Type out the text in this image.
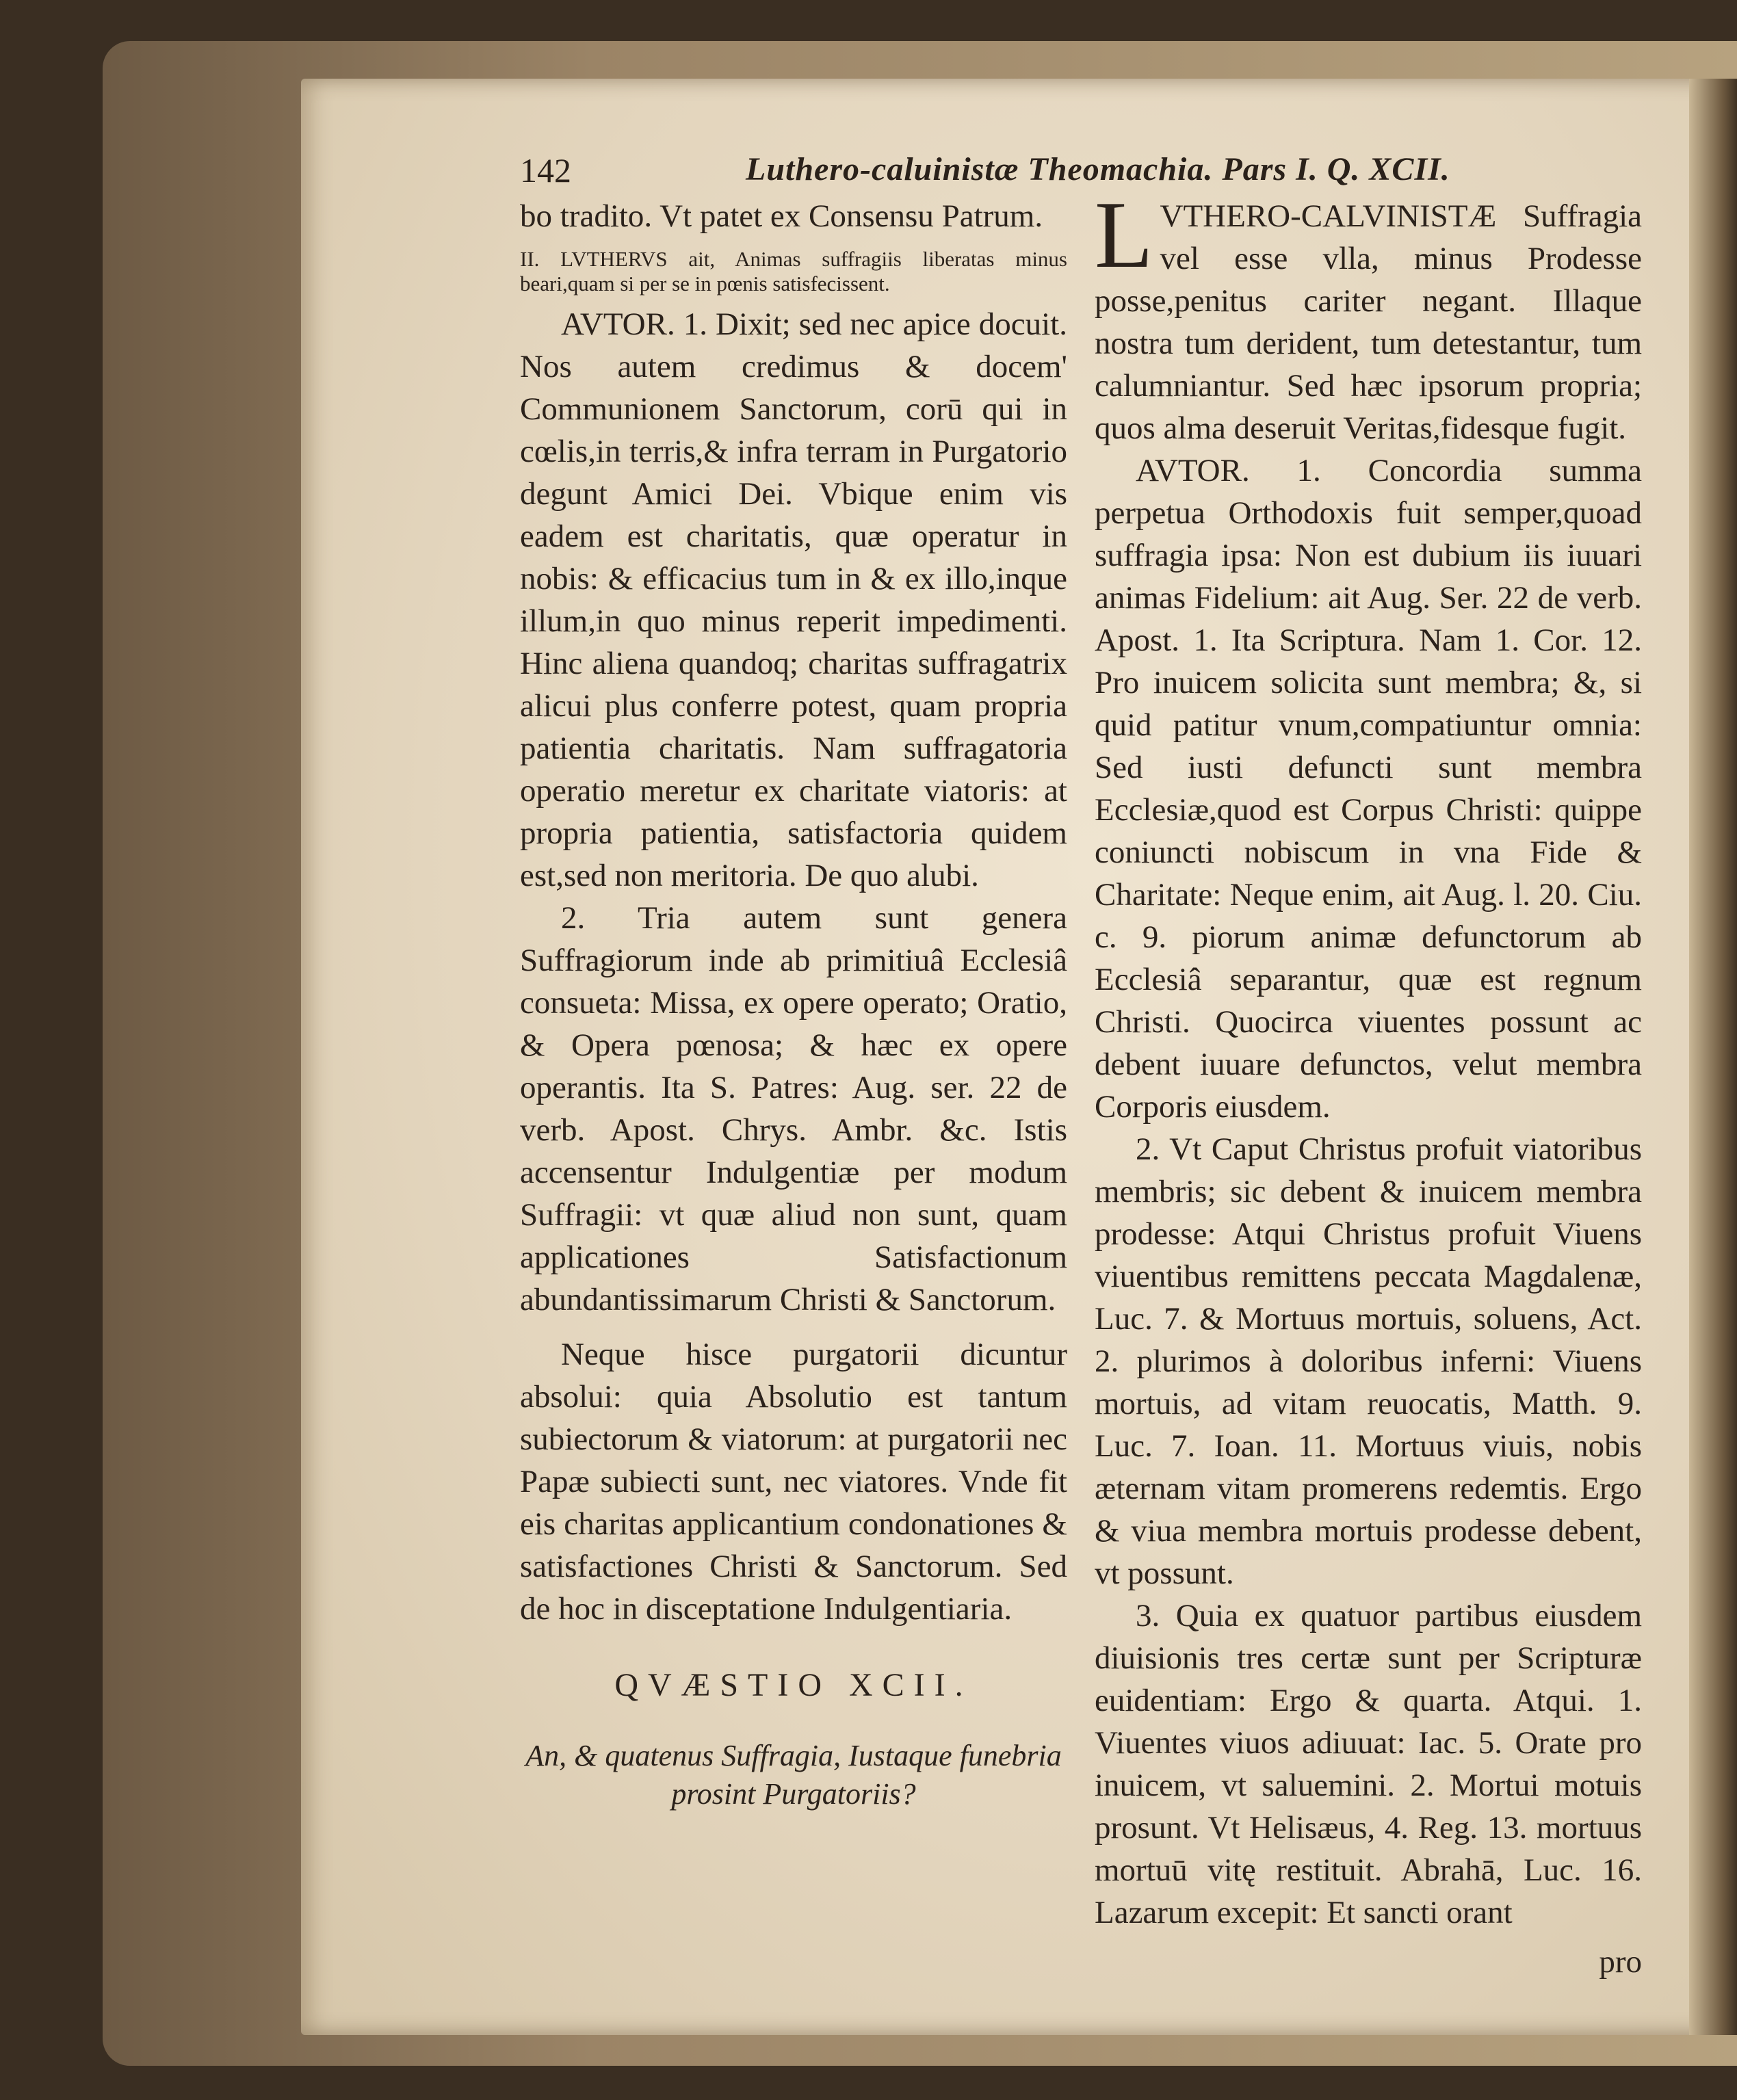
142	Luthero-caluinistæ Theomachia. Pars I. Q. XCII.

bo tradito. Vt patet ex Consensu Patrum.

II. LVTHERVS ait, Animas suffragiis liberatas minus beari,quam si per se in pœnis satisfecissent.

AVTOR. 1. Dixit; sed nec apice docuit. Nos autem credimus & docem' Communionem Sanctorum, corū qui in cœlis,in terris,& infra terram in Purgatorio degunt Amici Dei. Vbique enim vis eadem est charitatis, quæ operatur in nobis: & efficacius tum in & ex illo,inque illum,in quo minus reperit impedimenti. Hinc aliena quandoq; charitas suffragatrix alicui plus conferre potest, quam propria patientia charitatis. Nam suffragatoria operatio meretur ex charitate viatoris: at propria patientia, satisfactoria quidem est,sed non meritoria. De quo alubi.

2. Tria autem sunt genera Suffragiorum inde ab primitiuâ Ecclesiâ consueta: Missa, ex opere operato; Oratio, & Opera pœnosa; & hæc ex opere operantis. Ita S. Patres: Aug. ser. 22 de verb. Apost. Chrys. Ambr. &c. Istis accensentur Indulgentiæ per modum Suffragii: vt quæ aliud non sunt, quam applicationes Satisfactionum abundantissimarum Christi & Sanctorum.

Neque hisce purgatorii dicuntur absolui: quia Absolutio est tantum subiectorum & viatorum: at purgatorii nec Papæ subiecti sunt, nec viatores. Vnde fit eis charitas applicantium condonationes & satisfactiones Christi & Sanctorum. Sed de hoc in disceptatione Indulgentiaria.

QVÆSTIO XCII.

An, & quatenus Suffragia, Iustaque funebria prosint Purgatoriis?

L VTHERO-CALVINISTÆ Suffragia vel esse vlla, minus Prodesse posse,penitus cariter negant. Illaque nostra tum derident, tum detestantur, tum calumniantur. Sed hæc ipsorum propria; quos alma deseruit Veritas,fidesque fugit.

AVTOR. 1. Concordia summa perpetua Orthodoxis fuit semper,quoad suffragia ipsa: Non est dubium iis iuuari animas Fidelium: ait Aug. Ser. 22 de verb. Apost. 1. Ita Scriptura. Nam 1. Cor. 12. Pro inuicem solicita sunt membra; &, si quid patitur vnum,compatiuntur omnia: Sed iusti defuncti sunt membra Ecclesiæ,quod est Corpus Christi: quippe coniuncti nobiscum in vna Fide & Charitate: Neque enim, ait Aug. l. 20. Ciu. c. 9. piorum animæ defunctorum ab Ecclesiâ separantur, quæ est regnum Christi. Quocirca viuentes possunt ac debent iuuare defunctos, velut membra Corporis eiusdem.

2. Vt Caput Christus profuit viatoribus membris; sic debent & inuicem membra prodesse: Atqui Christus profuit Viuens viuentibus remittens peccata Magdalenæ, Luc. 7. & Mortuus mortuis, soluens, Act. 2. plurimos à doloribus inferni: Viuens mortuis, ad vitam reuocatis, Matth. 9. Luc. 7. Ioan. 11. Mortuus viuis, nobis æternam vitam promerens redemtis. Ergo & viua membra mortuis prodesse debent, vt possunt.

3. Quia ex quatuor partibus eiusdem diuisionis tres certæ sunt per Scripturæ euidentiam: Ergo & quarta. Atqui. 1. Viuentes viuos adiuuat: Iac. 5. Orate pro inuicem, vt saluemini. 2. Mortui motuis prosunt. Vt Helisæus, 4. Reg. 13. mortuus mortuū vitę restituit. Abrahā, Luc. 16. Lazarum excepit: Et sancti orant

pro
